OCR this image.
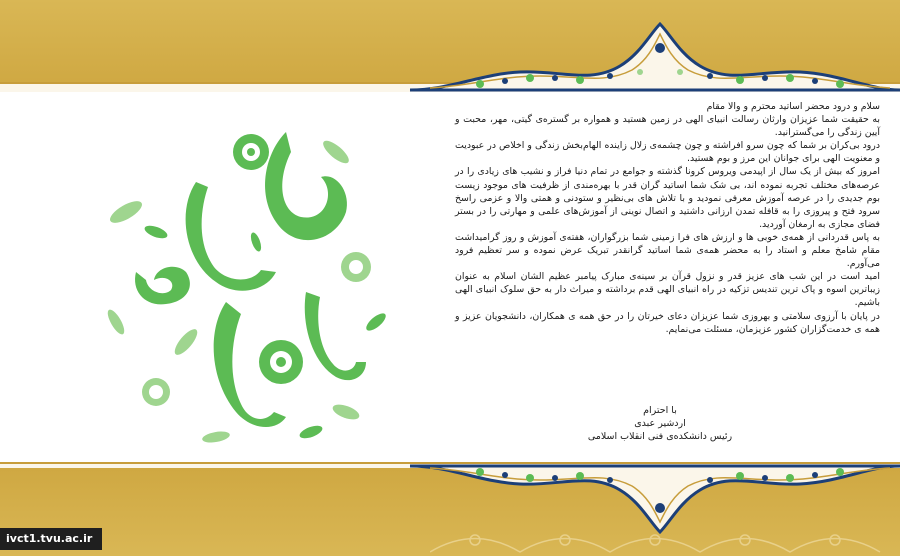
سلام و درود محضر اساتید محترم و والا مقام

به حقیقت شما عزیزان وارثان رسالت انبیای الهی در زمین هستید و همواره بر گستره‌ی گیتی، مهر، محبت و آیین زندگی را می‌گسترانید.

درود بی‌کران بر شما که چون سرو افراشته و چون چشمه‌ی زلال زاینده الهام‌بخش زندگی و اخلاص در عبودیت و معنویت الهی برای جوانان این مرز و بوم هستید.

امروز که بیش از یک سال از اپیدمی ویروس کرونا گذشته و جوامع در تمام دنیا فراز و نشیب های زیادی را در عرصه‌های مختلف تجربه نموده اند، بی شک شما اساتید گران قدر با بهره‌مندی از ظرفیت های موجود زیست بوم جدیدی را در عرصه آموزش معرفی نمودید و با تلاش های بی‌نظیر و ستودنی و همتی والا و عزمی راسخ سرود فتح و پیروزی را به قافله تمدن ارزانی داشتید و اتصال نوینی از آموزش‌های علمی و مهارتی را در بستر فضای مجازی به ارمغان آوردید.

به پاس قدردانی از همه‌ی خوبی ها و ارزش های فرا زمینی شما بزرگواران، هفته‌ی آموزش و روز گرامیداشت مقام شامخ معلم و استاد را به محضر همه‌ی شما اساتید گرانقدر تبریک عرض نموده و سر تعظیم فرود می‌آورم.

امید است در این شب های عزیز قدر و نزول قرآن بر سینه‌ی مبارک پیامبر عظیم الشان اسلام به عنوان زیباترین اسوه و پاک ترین تندیس تزکیه در راه انبیای الهی قدم برداشته و میراث دار به حق سلوک انبیای الهی باشیم.

در پایان با آرزوی سلامتی و بهروزی شما عزیزان دعای خیرتان را در حق همه ی همکاران، دانشجویان عزیز و همه ی خدمت‌گزاران کشور عزیزمان، مسئلت می‌نمایم.

با احترام
اردشیر عبدی
رئیس دانشکده‌ی فنی انقلاب اسلامی
ivct1.tvu.ac.ir
